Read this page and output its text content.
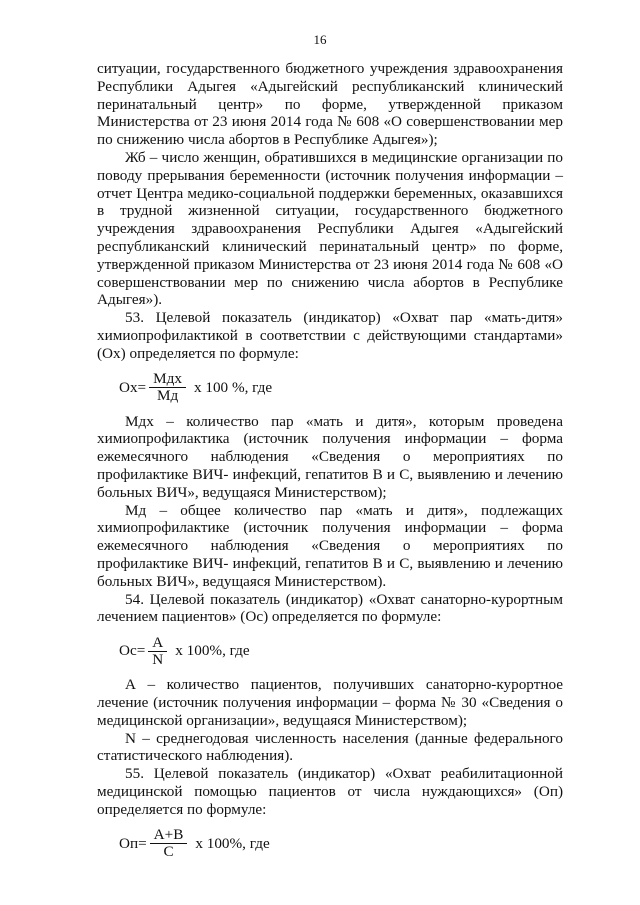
16

ситуации, государственного бюджетного учреждения здравоохранения Республики Адыгея «Адыгейский республиканский клинический перинатальный центр» по форме, утвержденной приказом Министерства от 23 июня 2014 года № 608 «О совершенствовании мер по снижению числа абортов в Республике Адыгея»);

Жб – число женщин, обратившихся в медицинские организации по поводу прерывания беременности (источник получения информации – отчет Центра медико-социальной поддержки беременных, оказавшихся в трудной жизненной ситуации, государственного бюджетного учреждения здравоохранения Республики Адыгея «Адыгейский республиканский клинический перинатальный центр» по форме, утвержденной приказом Министерства от 23 июня 2014 года № 608 «О совершенствовании мер по снижению числа абортов в Республике Адыгея»).

53. Целевой показатель (индикатор) «Охват пар «мать-дитя» химиопрофилактикой в соответствии с действующими стандартами» (Ох) определяется по формуле:

$Ох= \frac{\text{Мдх}}{Мд}$ х 100 %, где

Мдх – количество пар «мать и дитя», которым проведена химиопрофилактика (источник получения информации – форма ежемесячного наблюдения «Сведения о мероприятиях по профилактике ВИЧ- инфекций, гепатитов В и С, выявлению и лечению больных ВИЧ», ведущаяся Министерством);

Мд – общее количество пар «мать и дитя», подлежащих химиопрофилактике (источник получения информации – форма ежемесячного наблюдения «Сведения о мероприятиях по профилактике ВИЧ- инфекций, гепатитов В и С, выявлению и лечению больных ВИЧ», ведущаяся Министерством).

54. Целевой показатель (индикатор) «Охват санаторно-курортным лечением пациентов» (Ос) определяется по формуле:

$Ос= \frac{А}{N}$ х 100%, где

А – количество пациентов, получивших санаторно-курортное лечение (источник получения информации – форма № 30 «Сведения о медицинской организации», ведущаяся Министерством);

N – среднегодовая численность населения (данные федерального статистического наблюдения).

55. Целевой показатель (индикатор) «Охват реабилитационной медицинской помощью пациентов от числа нуждающихся» (Оп) определяется по формуле:

$Оп= \frac{А+В}{С}$ х 100%, где
